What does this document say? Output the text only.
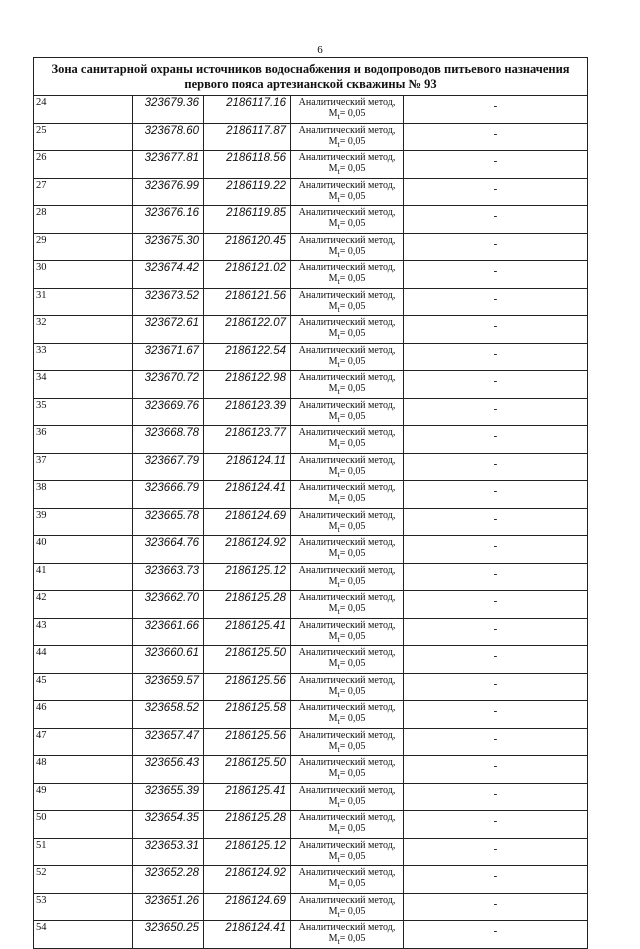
6
Зона санитарной охраны источников водоснабжения и водопроводов питьевого назначения
первого пояса артезианской скважины № 93				

24	323679.36	2186117.16	Аналитический метод,
$M_t= 0,05$	-
25	323678.60	2186117.87	Аналитический метод,
$M_t= 0,05$	-
26	323677.81	2186118.56	Аналитический метод,
$M_t= 0,05$	-
27	323676.99	2186119.22	Аналитический метод,
$M_t= 0,05$	-
28	323676.16	2186119.85	Аналитический метод,
$M_t= 0,05$	-
29	323675.30	2186120.45	Аналитический метод,
$M_t= 0,05$	-
30	323674.42	2186121.02	Аналитический метод,
$M_t= 0,05$	-
31	323673.52	2186121.56	Аналитический метод,
$M_t= 0,05$	-
32	323672.61	2186122.07	Аналитический метод,
$M_t= 0,05$	-
33	323671.67	2186122.54	Аналитический метод,
$M_t= 0,05$	-
34	323670.72	2186122.98	Аналитический метод,
$M_t= 0,05$	-
35	323669.76	2186123.39	Аналитический метод,
$M_t= 0,05$	-
36	323668.78	2186123.77	Аналитический метод,
$M_t= 0,05$	-
37	323667.79	2186124.11	Аналитический метод,
$M_t= 0,05$	-
38	323666.79	2186124.41	Аналитический метод,
$M_t= 0,05$	-
39	323665.78	2186124.69	Аналитический метод,
$M_t= 0,05$	-
40	323664.76	2186124.92	Аналитический метод,
$M_t= 0,05$	-
41	323663.73	2186125.12	Аналитический метод,
$M_t= 0,05$	-
42	323662.70	2186125.28	Аналитический метод,
$M_t= 0,05$	-
43	323661.66	2186125.41	Аналитический метод,
$M_t= 0,05$	-
44	323660.61	2186125.50	Аналитический метод,
$M_t= 0,05$	-
45	323659.57	2186125.56	Аналитический метод,
$M_t= 0,05$	-
46	323658.52	2186125.58	Аналитический метод,
$M_t= 0,05$	-
47	323657.47	2186125.56	Аналитический метод,
$M_t= 0,05$	-
48	323656.43	2186125.50	Аналитический метод,
$M_t= 0,05$	-
49	323655.39	2186125.41	Аналитический метод,
$M_t= 0,05$	-
50	323654.35	2186125.28	Аналитический метод,
$M_t= 0,05$	-
51	323653.31	2186125.12	Аналитический метод,
$M_t= 0,05$	-
52	323652.28	2186124.92	Аналитический метод,
$M_t= 0,05$	-
53	323651.26	2186124.69	Аналитический метод,
$M_t= 0,05$	-
54	323650.25	2186124.41	Аналитический метод,
$M_t= 0,05$	-
